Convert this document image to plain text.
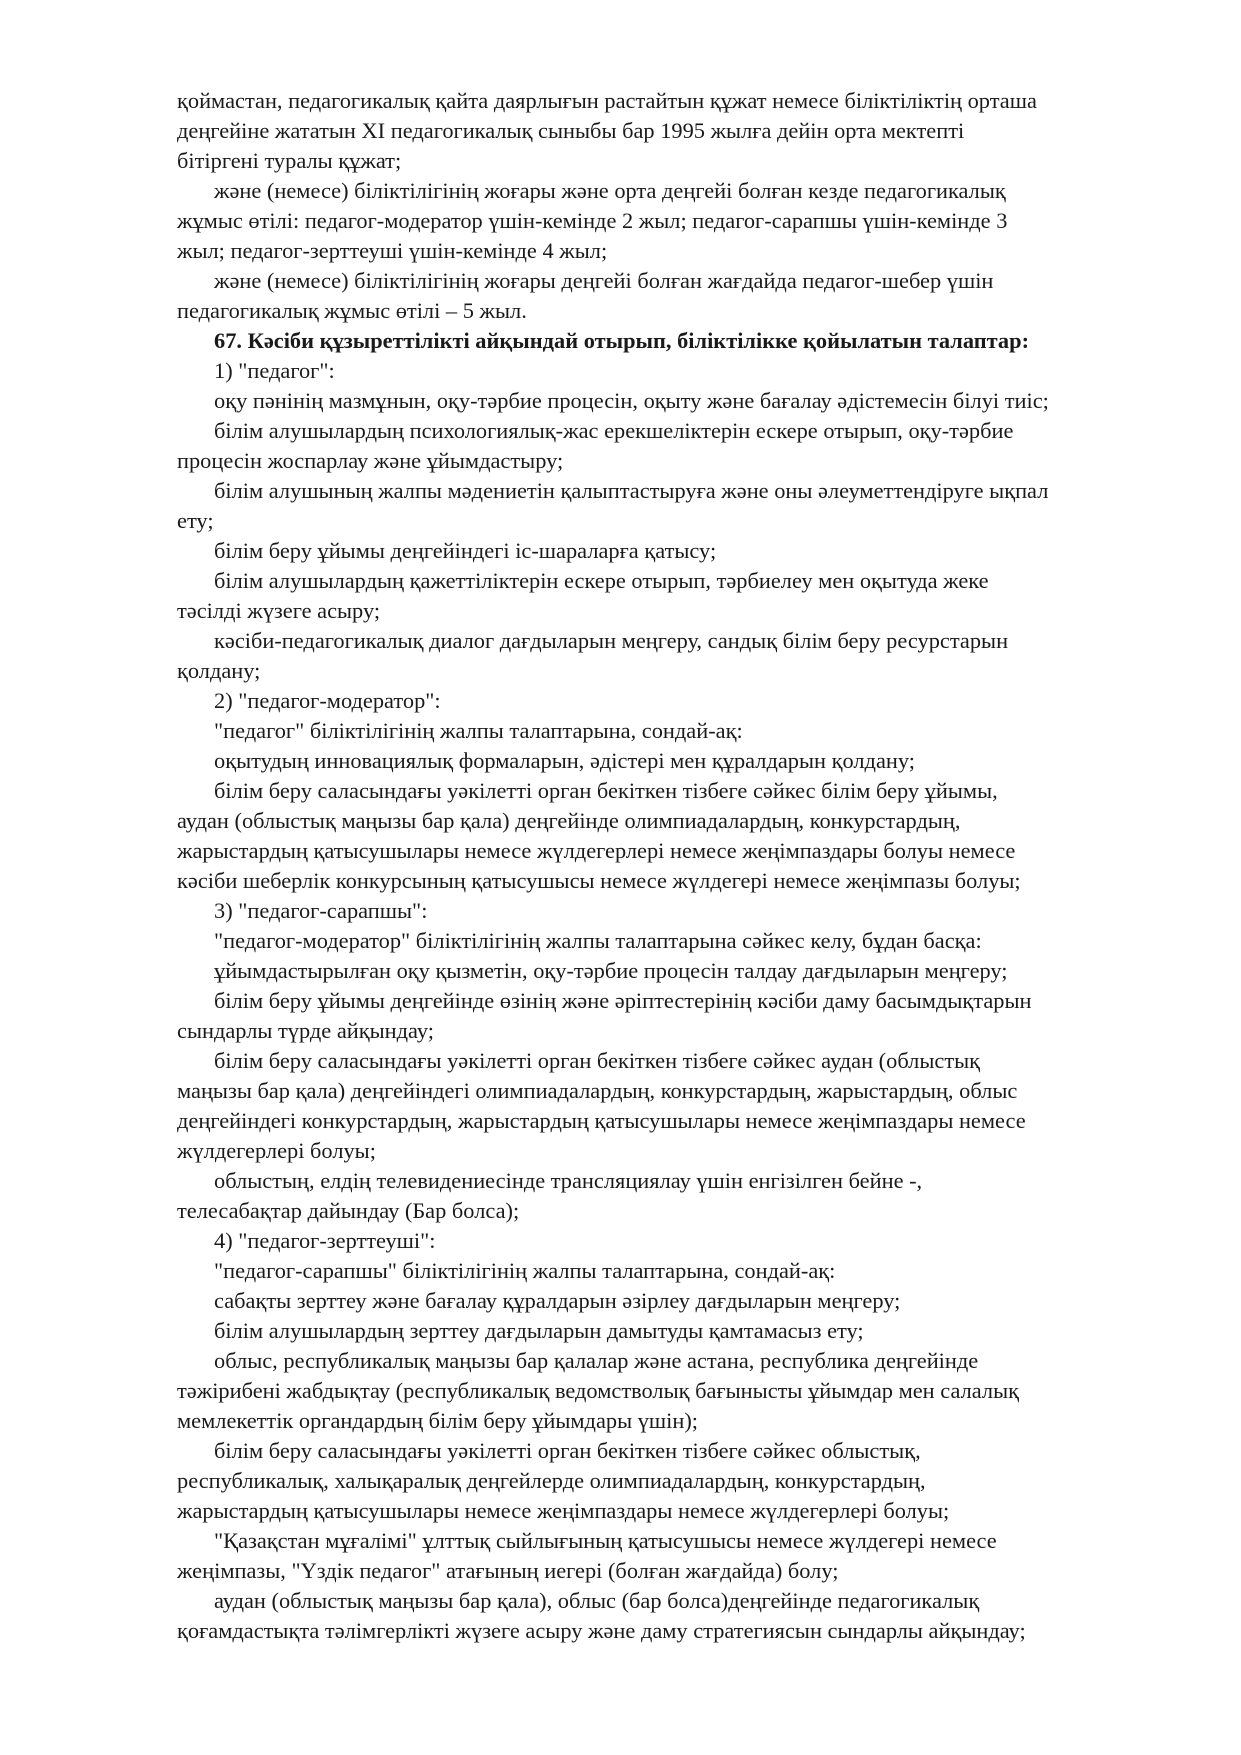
қоймастан, педагогикалық қайта даярлығын растайтын құжат немесе біліктіліктің орташа

деңгейіне жататын XI педагогикалық сыныбы бар 1995 жылға дейін орта мектепті

бітіргені туралы құжат;

және (немесе) біліктілігінің жоғары және орта деңгейі болған кезде педагогикалық

жұмыс өтілі: педагог-модератор үшін-кемінде 2 жыл; педагог-сарапшы үшін-кемінде 3

жыл; педагог-зерттеуші үшін-кемінде 4 жыл;

және (немесе) біліктілігінің жоғары деңгейі болған жағдайда педагог-шебер үшін

педагогикалық жұмыс өтілі – 5 жыл.

67. Кәсіби құзыреттілікті айқындай отырып, біліктілікке қойылатын талаптар:

1) "педагог":

оқу пәнінің мазмұнын, оқу-тәрбие процесін, оқыту және бағалау әдістемесін білуі тиіс;

білім алушылардың психологиялық-жас ерекшеліктерін ескере отырып, оқу-тәрбие

процесін жоспарлау және ұйымдастыру;

білім алушының жалпы мәдениетін қалыптастыруға және оны әлеуметтендіруге ықпал

ету;

білім беру ұйымы деңгейіндегі іс-шараларға қатысу;

білім алушылардың қажеттіліктерін ескере отырып, тәрбиелеу мен оқытуда жеке

тәсілді жүзеге асыру;

кәсіби-педагогикалық диалог дағдыларын меңгеру, сандық білім беру ресурстарын

қолдану;

2) "педагог-модератор":

"педагог" біліктілігінің жалпы талаптарына, сондай-ақ:

оқытудың инновациялық формаларын, әдістері мен құралдарын қолдану;

білім беру саласындағы уәкілетті орган бекіткен тізбеге сәйкес білім беру ұйымы,

аудан (облыстық маңызы бар қала) деңгейінде олимпиадалардың, конкурстардың,

жарыстардың қатысушылары немесе жүлдегерлері немесе жеңімпаздары болуы немесе

кәсіби шеберлік конкурсының қатысушысы немесе жүлдегері немесе жеңімпазы болуы;

3) "педагог-сарапшы":

"педагог-модератор" біліктілігінің жалпы талаптарына сәйкес келу, бұдан басқа:

ұйымдастырылған оқу қызметін, оқу-тәрбие процесін талдау дағдыларын меңгеру;

білім беру ұйымы деңгейінде өзінің және әріптестерінің кәсіби даму басымдықтарын

сындарлы түрде айқындау;

білім беру саласындағы уәкілетті орган бекіткен тізбеге сәйкес аудан (облыстық

маңызы бар қала) деңгейіндегі олимпиадалардың, конкурстардың, жарыстардың, облыс

деңгейіндегі конкурстардың, жарыстардың қатысушылары немесе жеңімпаздары немесе

жүлдегерлері болуы;

облыстың, елдің телевидениесінде трансляциялау үшін енгізілген бейне -,

телесабақтар дайындау (Бар болса);

4) "педагог-зерттеуші":

"педагог-сарапшы" біліктілігінің жалпы талаптарына, сондай-ақ:

сабақты зерттеу және бағалау құралдарын әзірлеу дағдыларын меңгеру;

білім алушылардың зерттеу дағдыларын дамытуды қамтамасыз ету;

облыс, республикалық маңызы бар қалалар және астана, республика деңгейінде

тәжірибені жабдықтау (республикалық ведомстволық бағынысты ұйымдар мен салалық

мемлекеттік органдардың білім беру ұйымдары үшін);

білім беру саласындағы уәкілетті орган бекіткен тізбеге сәйкес облыстық,

республикалық, халықаралық деңгейлерде олимпиадалардың, конкурстардың,

жарыстардың қатысушылары немесе жеңімпаздары немесе жүлдегерлері болуы;

"Қазақстан мұғалімі" ұлттық сыйлығының қатысушысы немесе жүлдегері немесе

жеңімпазы, "Үздік педагог" атағының иегері (болған жағдайда) болу;

аудан (облыстық маңызы бар қала), облыс (бар болса)деңгейінде педагогикалық

қоғамдастықта тәлімгерлікті жүзеге асыру және даму стратегиясын сындарлы айқындау;
